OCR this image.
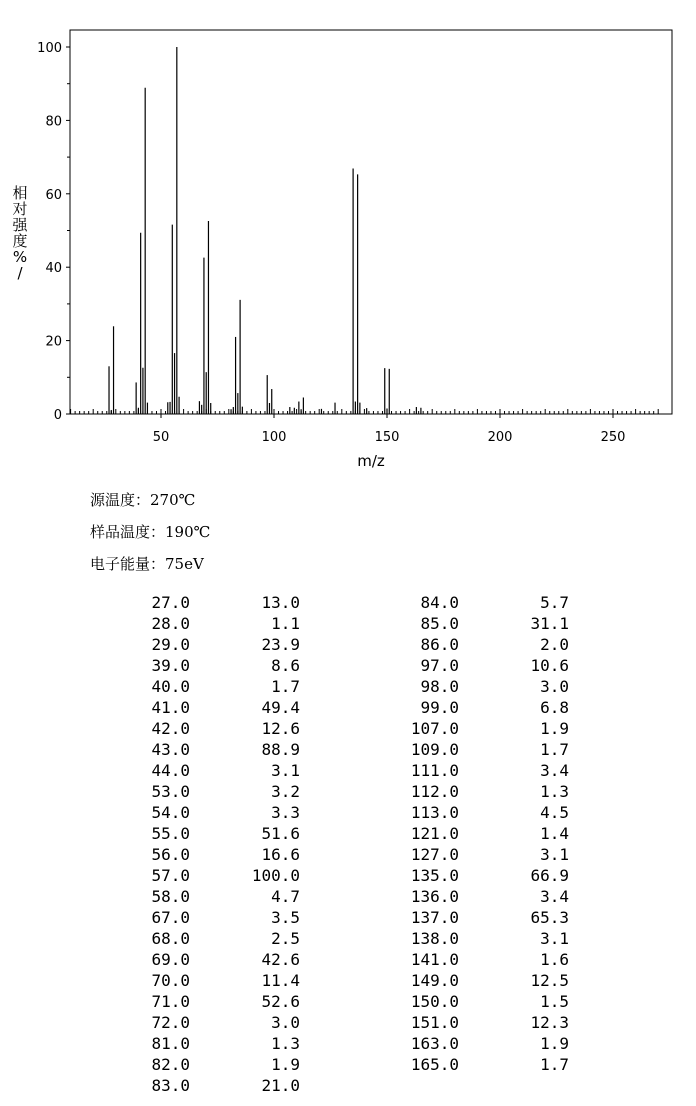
0
20
40
60
80
100
50	100	150	200	250
m/z
相对强度% /
源温度：270℃
样品温度：190℃
电子能量：75eV
27.0	13.0
28.0	1.1
29.0	23.9
39.0	8.6
40.0	1.7
41.0	49.4
42.0	12.6
43.0	88.9
44.0	3.1
53.0	3.2
54.0	3.3
55.0	51.6
56.0	16.6
57.0	100.0
58.0	4.7
67.0	3.5
68.0	2.5
69.0	42.6
70.0	11.4
71.0	52.6
72.0	3.0
81.0	1.3
82.0	1.9
83.0	21.0
84.0	5.7
85.0	31.1
86.0	2.0
97.0	10.6
98.0	3.0
99.0	6.8
107.0	1.9
109.0	1.7
111.0	3.4
112.0	1.3
113.0	4.5
121.0	1.4
127.0	3.1
135.0	66.9
136.0	3.4
137.0	65.3
138.0	3.1
141.0	1.6
149.0	12.5
150.0	1.5
151.0	12.3
163.0	1.9
165.0	1.7
